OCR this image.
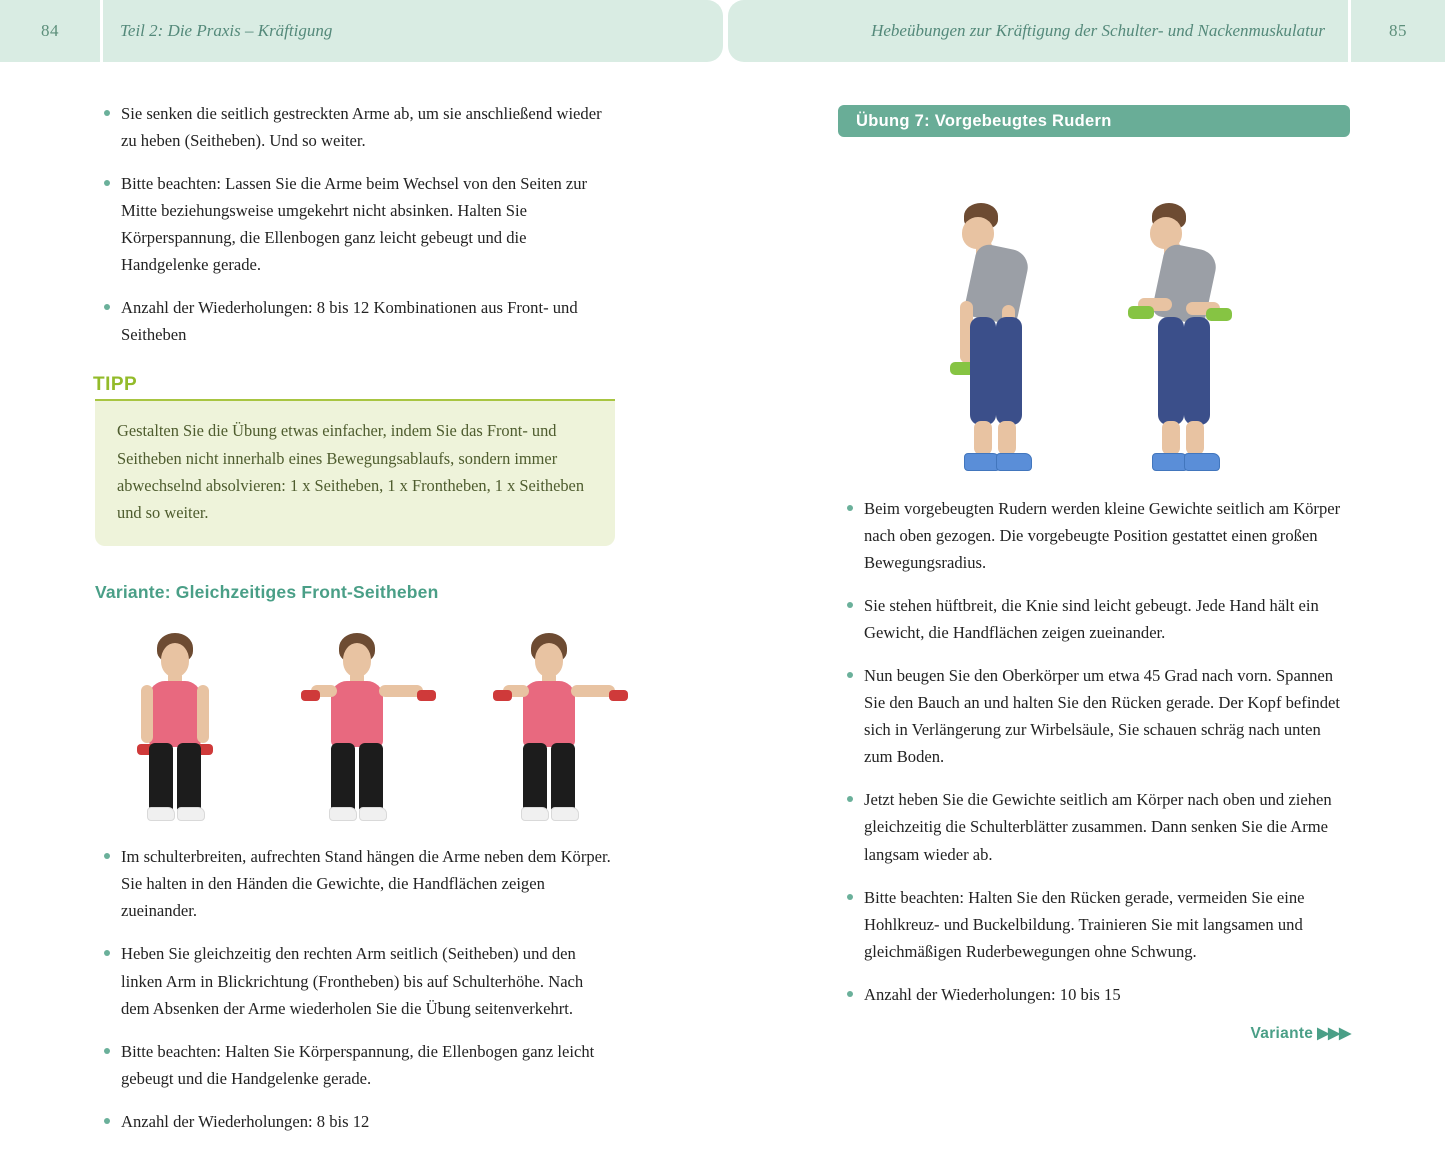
84	Teil 2: Die Praxis – Kräftigung	Hebeübungen zur Kräftigung der Schulter- und Nackenmuskulatur	85
Sie senken die seitlich gestreckten Arme ab, um sie anschließend wieder zu heben (Seitheben). Und so weiter.
Bitte beachten: Lassen Sie die Arme beim Wechsel von den Seiten zur Mitte beziehungsweise umgekehrt nicht absinken. Halten Sie Körperspannung, die Ellenbogen ganz leicht gebeugt und die Handgelenke gerade.
Anzahl der Wiederholungen: 8 bis 12 Kombinationen aus Front- und Seitheben
TIPP
Gestalten Sie die Übung etwas einfacher, indem Sie das Front- und Seitheben nicht innerhalb eines Bewegungsablaufs, sondern immer abwechselnd absolvieren: 1 x Seitheben, 1 x Frontheben, 1 x Seitheben und so weiter.
Variante: Gleichzeitiges Front-Seitheben
Im schulterbreiten, aufrechten Stand hängen die Arme neben dem Körper. Sie halten in den Händen die Gewichte, die Handflächen zeigen zueinander.
Heben Sie gleichzeitig den rechten Arm seitlich (Seitheben) und den linken Arm in Blickrichtung (Frontheben) bis auf Schulterhöhe. Nach dem Absenken der Arme wiederholen Sie die Übung seitenverkehrt.
Bitte beachten: Halten Sie Körperspannung, die Ellenbogen ganz leicht gebeugt und die Handgelenke gerade.
Anzahl der Wiederholungen: 8 bis 12
Übung 7: Vorgebeugtes Rudern
Beim vorgebeugten Rudern werden kleine Gewichte seitlich am Körper nach oben gezogen. Die vorgebeugte Position gestattet einen großen Bewegungsradius.
Sie stehen hüftbreit, die Knie sind leicht gebeugt. Jede Hand hält ein Gewicht, die Handflächen zeigen zueinander.
Nun beugen Sie den Oberkörper um etwa 45 Grad nach vorn. Spannen Sie den Bauch an und halten Sie den Rücken gerade. Der Kopf befindet sich in Verlängerung zur Wirbelsäule, Sie schauen schräg nach unten zum Boden.
Jetzt heben Sie die Gewichte seitlich am Körper nach oben und ziehen gleichzeitig die Schulterblätter zusammen. Dann senken Sie die Arme langsam wieder ab.
Bitte beachten: Halten Sie den Rücken gerade, vermeiden Sie eine Hohlkreuz- und Buckelbildung. Trainieren Sie mit langsamen und gleichmäßigen Ruderbewegungen ohne Schwung.
Anzahl der Wiederholungen: 10 bis 15
Variante ▶▶▶
